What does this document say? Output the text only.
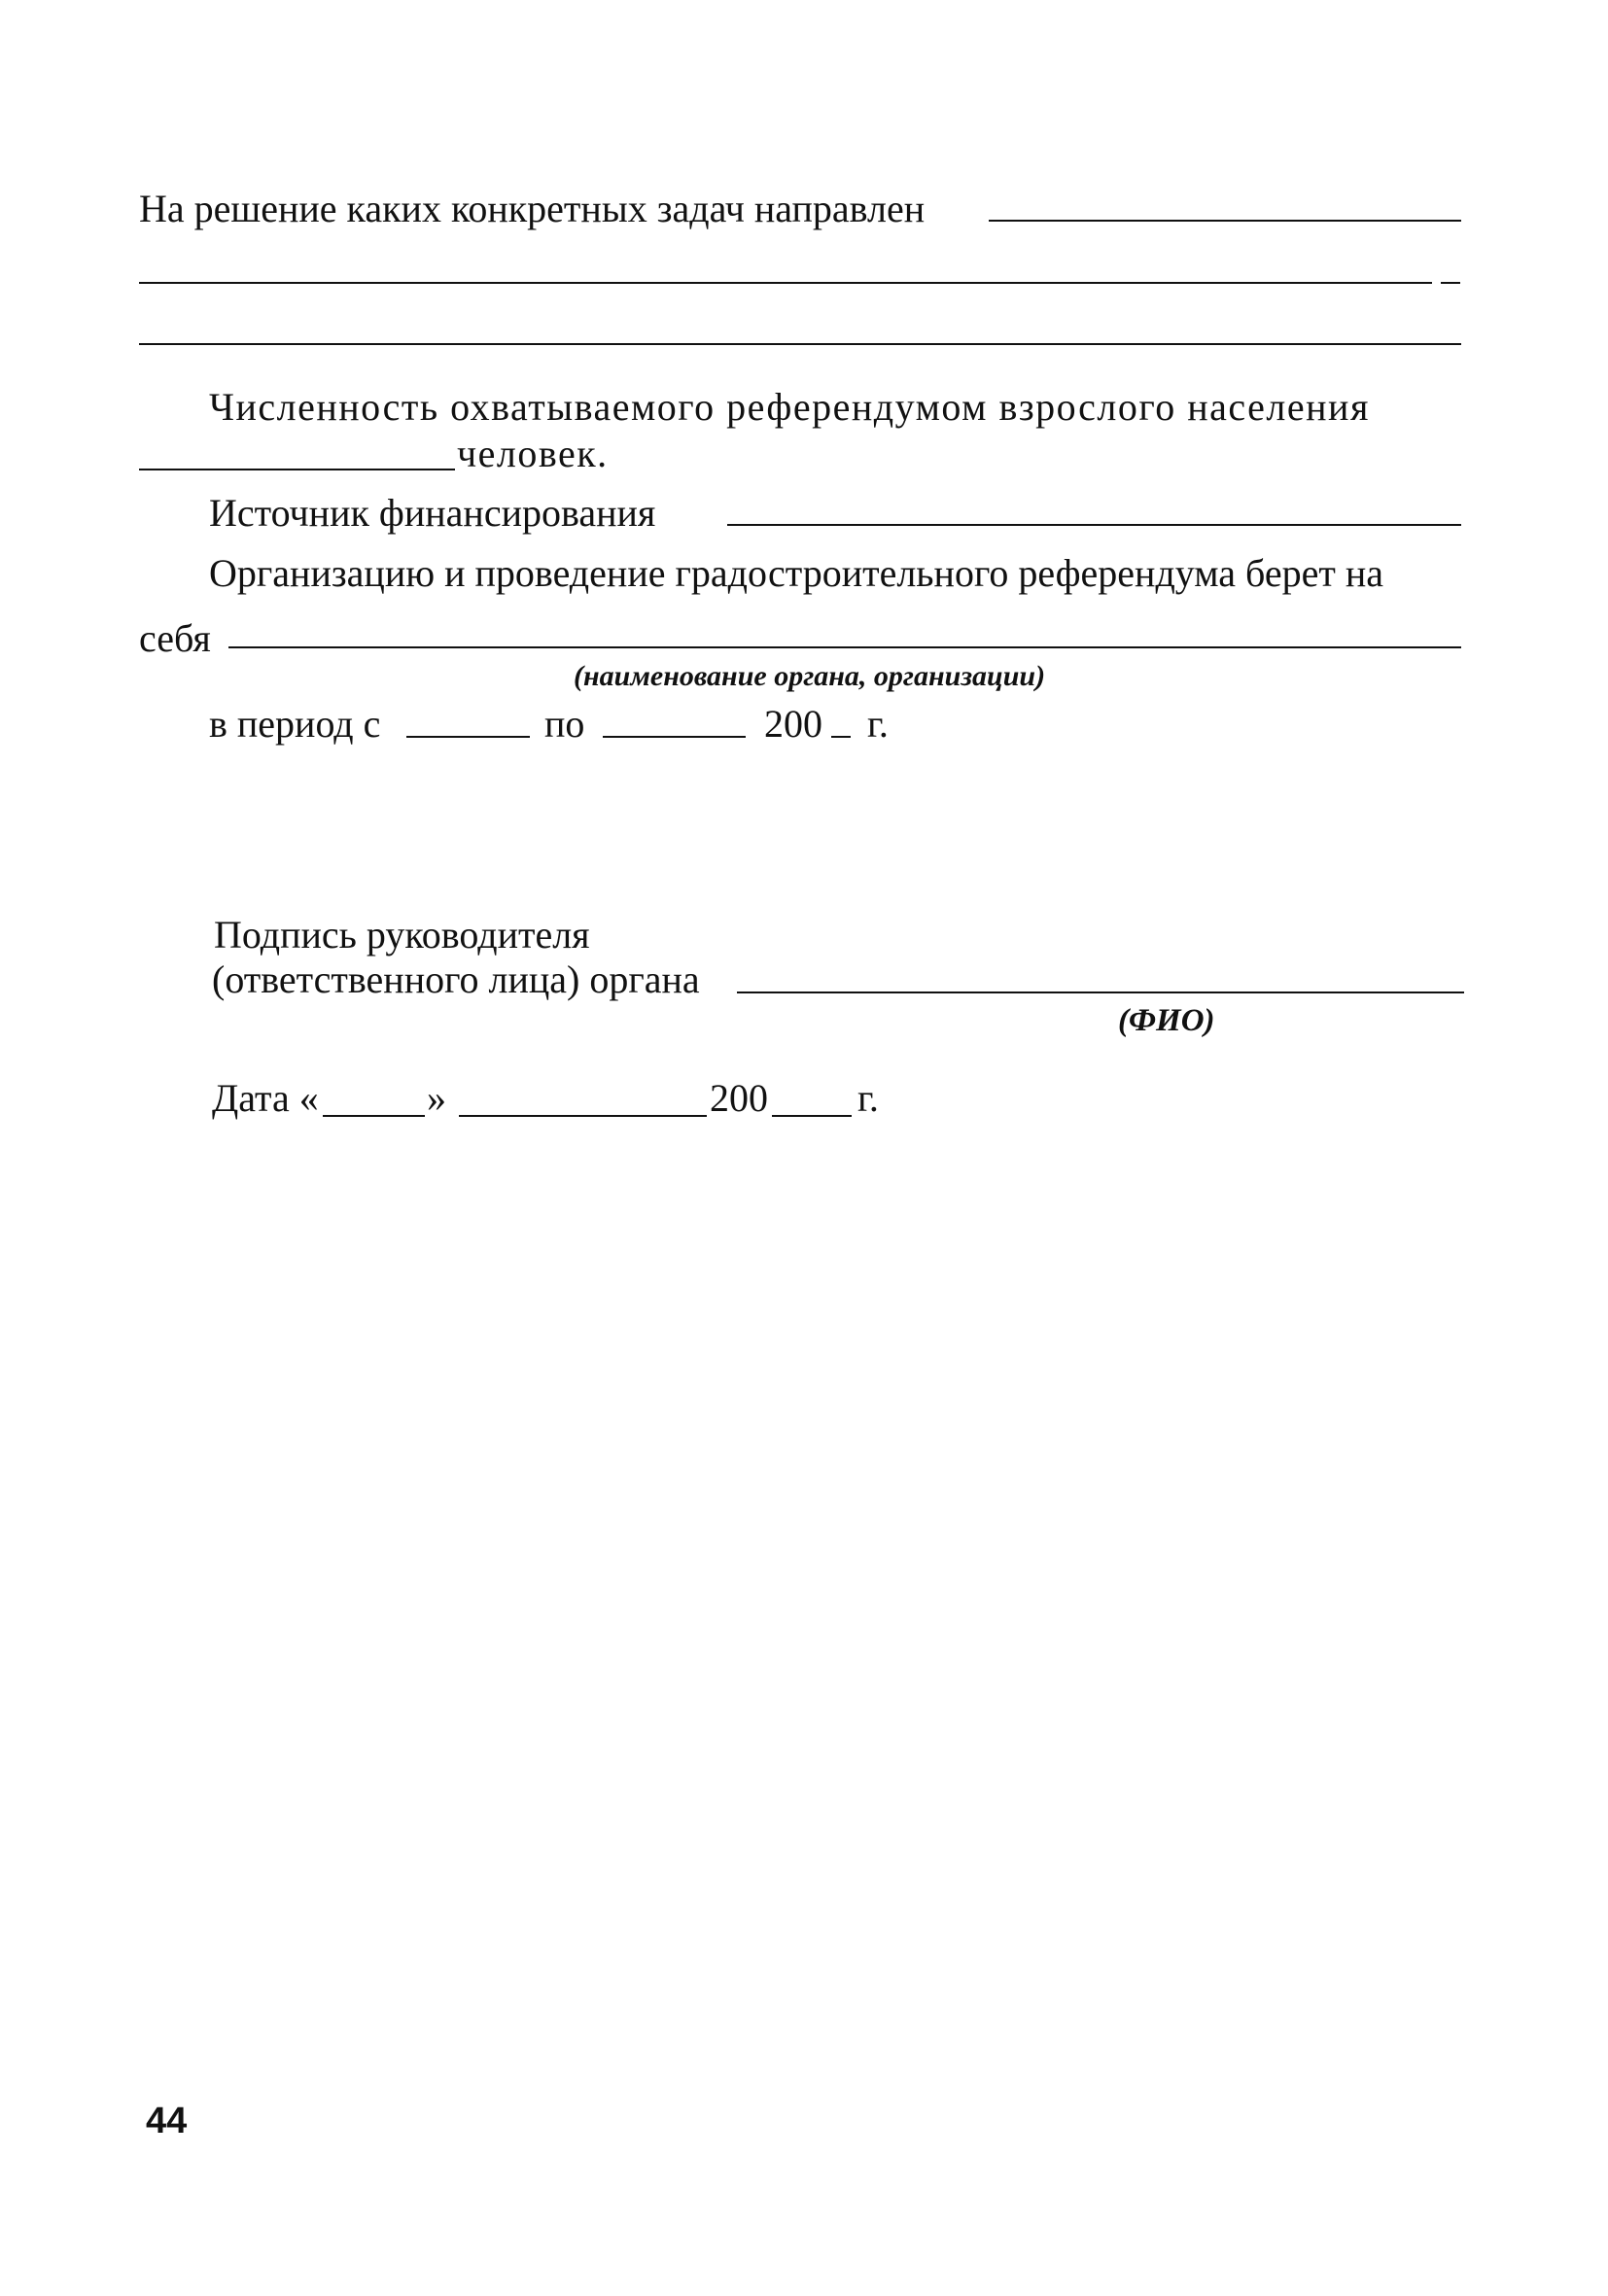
На решение каких конкретных задач направлен
Численность охватываемого референдумом взрослого населения
человек.
Источник финансирования
Организацию и проведение градостроительного референдума берет на
себя
(наименование органа, организации)
в период с	по	200 г.
Подпись руководителя
(ответственного лица) органа
(ФИО)
Дата «	»	200 г.
44
